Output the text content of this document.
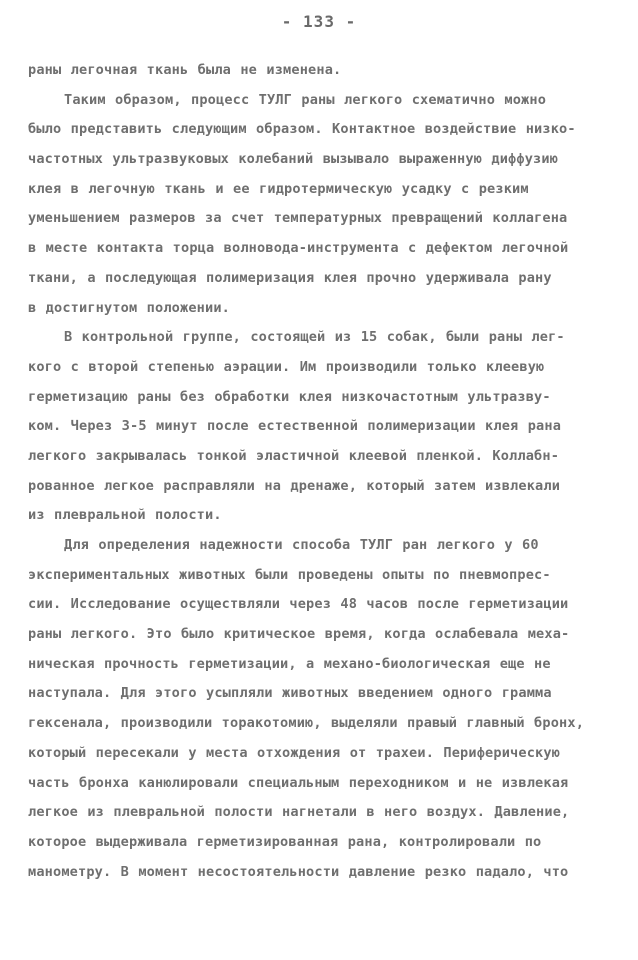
- 133 -
раны легочная ткань была не изменена.
Таким образом, процесс ТУЛГ раны легкого схематично можно
было представить следующим образом. Контактное воздействие низко-
частотных ультразвуковых колебаний вызывало выраженную диффузию
клея в легочную ткань и ее гидротермическую усадку с резким
уменьшением размеров за счет температурных превращений коллагена
в месте контакта торца волновода-инструмента с дефектом легочной
ткани, а последующая полимеризация клея прочно удерживала рану
в достигнутом положении.
В контрольной группе, состоящей из 15 собак, были раны лег-
кого с второй степенью аэрации. Им производили только клеевую
герметизацию раны без обработки клея низкочастотным ультразву-
ком. Через 3-5 минут после естественной полимеризации клея рана
легкого закрывалась тонкой эластичной клеевой пленкой. Коллабн-
рованное легкое расправляли на дренаже, который затем извлекали
из плевральной полости.
Для определения надежности способа ТУЛГ ран легкого у 60
экспериментальных животных были проведены опыты по пневмопрес-
сии. Исследование осуществляли через 48 часов после герметизации
раны легкого. Это было критическое время, когда ослабевала меха-
ническая прочность герметизации, а механо-биологическая еще не
наступала. Для этого усыпляли животных введением одного грамма
гексенала, производили торакотомию, выделяли правый главный бронх,
который пересекали у места отхождения от трахеи. Периферическую
часть бронха канюлировали специальным переходником и не извлекая
легкое из плевральной полости нагнетали в него воздух. Давление,
которое выдерживала герметизированная рана, контролировали по
манометру. В момент несостоятельности давление резко падало, что
